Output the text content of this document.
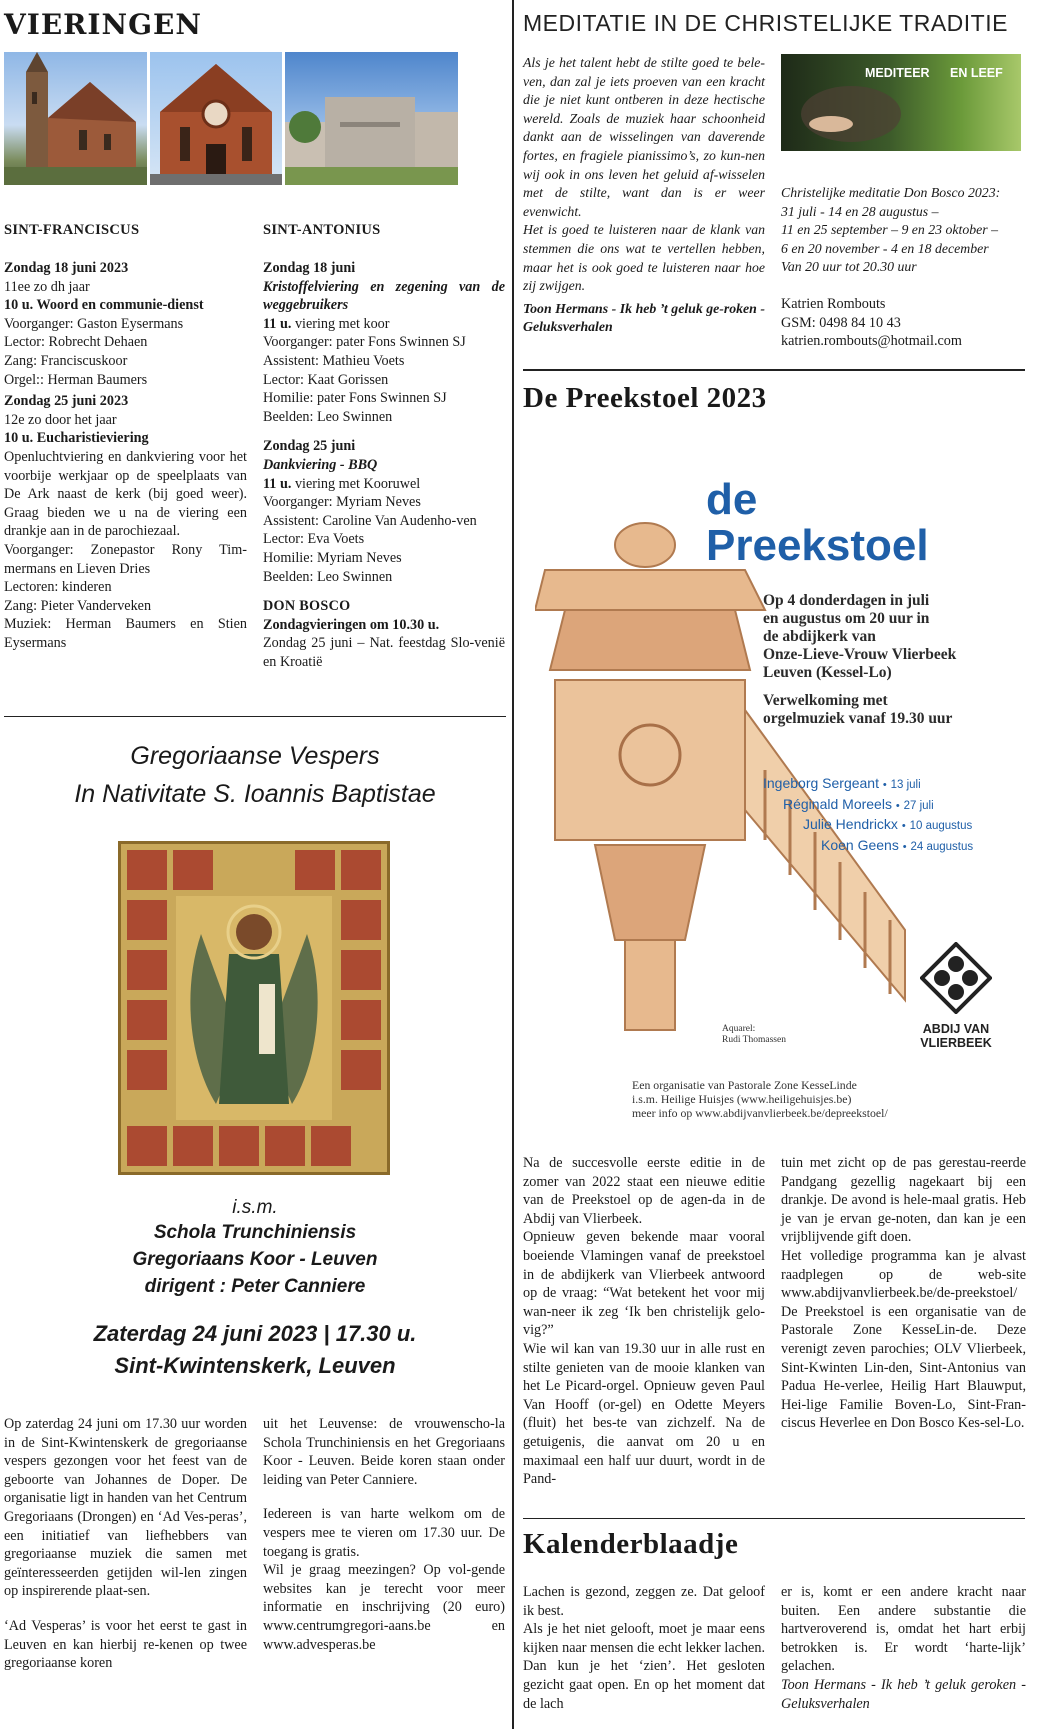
VIERINGEN
SINT-FRANCISCUS

Zondag 18 juni 2023

11ee zo dh jaar

10 u. Woord en communie-dienst

Voorganger: Gaston Eysermans

Lector: Robrecht Dehaen

Zang: Franciscuskoor

Orgel:: Herman Baumers

Zondag 25 juni 2023

12e zo door het jaar

10 u. Eucharistieviering

Openluchtviering en dankviering voor het voorbije werkjaar op de speelplaats van De Ark naast de kerk (bij goed weer). Graag bieden we u na de viering een drankje aan in de parochiezaal.

Voorganger: Zonepastor Rony Tim-mermans en Lieven Dries

Lectoren: kinderen

Zang: Pieter Vanderveken

Muziek: Herman Baumers en Stien Eysermans

SINT-ANTONIUS

Zondag 18 juni

Kristoffelviering en zegening van de weggebruikers

11 u. viering met koor

Voorganger: pater Fons Swinnen SJ

Assistent: Mathieu Voets

Lector: Kaat Gorissen

Homilie: pater Fons Swinnen SJ

Beelden: Leo Swinnen

Zondag 25 juni

Dankviering - BBQ

11 u. viering met Kooruwel

Voorganger: Myriam Neves

Assistent: Caroline Van Audenho-ven

Lector: Eva Voets

Homilie: Myriam Neves

Beelden: Leo Swinnen

DON BOSCO

Zondagvieringen om 10.30 u.

Zondag 25 juni – Nat. feestdag Slo-venië en Kroatië

Gregoriaanse Vespers
In Nativitate S. Ioannis Baptistae
i.s.m.
Schola Trunchiniensis
Gregoriaans Koor - Leuven
dirigent : Peter Canniere
Zaterdag 24 juni 2023 | 17.30 u.
Sint-Kwintenskerk, Leuven

Op zaterdag 24 juni om 17.30 uur worden in de Sint-Kwintenskerk de gregoriaanse vespers gezongen voor het feest van de geboorte van Johannes de Doper. De organisatie ligt in handen van het Centrum Gregoriaans (Drongen) en ‘Ad Ves-peras’, een initiatief van liefhebbers van gregoriaanse muziek die samen met geïnteresseerden getijden wil-len zingen op inspirerende plaat-sen.

‘Ad Vesperas’ is voor het eerst te gast in Leuven en kan hierbij re-kenen op twee gregoriaanse koren

uit het Leuvense: de vrouwenscho-la Schola Trunchiniensis en het Gregoriaans Koor - Leuven. Beide koren staan onder leiding van Peter Canniere.

Iedereen is van harte welkom om de vespers mee te vieren om 17.30 uur. De toegang is gratis.

Wil je graag meezingen? Op vol-gende websites kan je terecht voor meer informatie en inschrijving (20 euro) www.centrumgregori-aans.be en www.advesperas.be

MEDITATIE IN DE CHRISTELIJKE TRADITIE

Als je het talent hebt de stilte goed te bele-ven, dan zal je iets proeven van een kracht die je niet kunt ontberen in deze hectische wereld. Zoals de muziek haar schoonheid dankt aan de wisselingen van daverende fortes, en fragiele pianissimo’s, zo kun-nen wij ook in ons leven het geluid af-wisselen met de stilte, want dan is er weer evenwicht.

Het is goed te luisteren naar de klank van stemmen die ons wat te vertellen hebben, maar het is ook goed te luisteren naar hoe zij zwijgen.

Toon Hermans - Ik heb ’t geluk ge-roken - Geluksverhalen

MEDITEER EN LEEF

Christelijke meditatie Don Bosco 2023:

31 juli - 14 en 28 augustus –

11 en 25 september – 9 en 23 oktober –

6 en 20 november - 4 en 18 december

Van 20 uur tot 20.30 uur

Katrien Rombouts

GSM: 0498 84 10 43

katrien.rombouts@hotmail.com

De Preekstoel 2023
de
Preekstoel
Op 4 donderdagen in juli
en augustus om 20 uur in
de abdijkerk van
Onze-Lieve-Vrouw Vlierbeek
Leuven (Kessel-Lo)
Verwelkoming met
orgelmuziek vanaf 19.30 uur
Ingeborg Sergeant • 13 juli
Réginald Moreels • 27 juli
Julie Hendrickx • 10 augustus
Koen Geens • 24 augustus
ABDIJ VAN
VLIERBEEK
Aquarel:
Rudi Thomassen
Een organisatie van Pastorale Zone KesseLinde
i.s.m. Heilige Huisjes (www.heiligehuisjes.be)
meer info op www.abdijvanvlierbeek.be/depreekstoel/

Na de succesvolle eerste editie in de zomer van 2022 staat een nieuwe editie van de Preekstoel op de agen-da in de Abdij van Vlierbeek.

Opnieuw geven bekende maar vooral boeiende Vlamingen vanaf de preekstoel in de abdijkerk van Vlierbeek antwoord op de vraag: “Wat betekent het voor mij wan-neer ik zeg ‘Ik ben christelijk gelo-vig?”

Wie wil kan van 19.30 uur in alle rust en stilte genieten van de mooie klanken van het Le Picard-orgel. Opnieuw geven Paul Van Hooff (or-gel) en Odette Meyers (fluit) het bes-te van zichzelf. Na de getuigenis, die aanvat om 20 u en maximaal een half uur duurt, wordt in de Pand-

tuin met zicht op de pas gerestau-reerde Pandgang gezellig nagekaart bij een drankje. De avond is hele-maal gratis. Heb je van je ervan ge-noten, dan kan je een vrijblijvende gift doen.

Het volledige programma kan je alvast raadplegen op de web-site www.abdijvanvlierbeek.be/de-preekstoel/

De Preekstoel is een organisatie van de Pastorale Zone KesseLin-de. Deze verenigt zeven parochies; OLV Vlierbeek, Sint-Kwinten Lin-den, Sint-Antonius van Padua He-verlee, Heilig Hart Blauwput, Hei-lige Familie Boven-Lo, Sint-Fran-ciscus Heverlee en Don Bosco Kes-sel-Lo.

Kalenderblaadje

Lachen is gezond, zeggen ze. Dat geloof ik best.

Als je het niet gelooft, moet je maar eens kijken naar mensen die echt lekker lachen. Dan kun je het ‘zien’. Het gesloten gezicht gaat open. En op het moment dat de lach

er is, komt er een andere kracht naar buiten. Een andere substantie die hartveroverend is, omdat het hart erbij betrokken is. Er wordt ‘harte-lijk’ gelachen.

Toon Hermans - Ik heb ’t geluk geroken - Geluksverhalen
